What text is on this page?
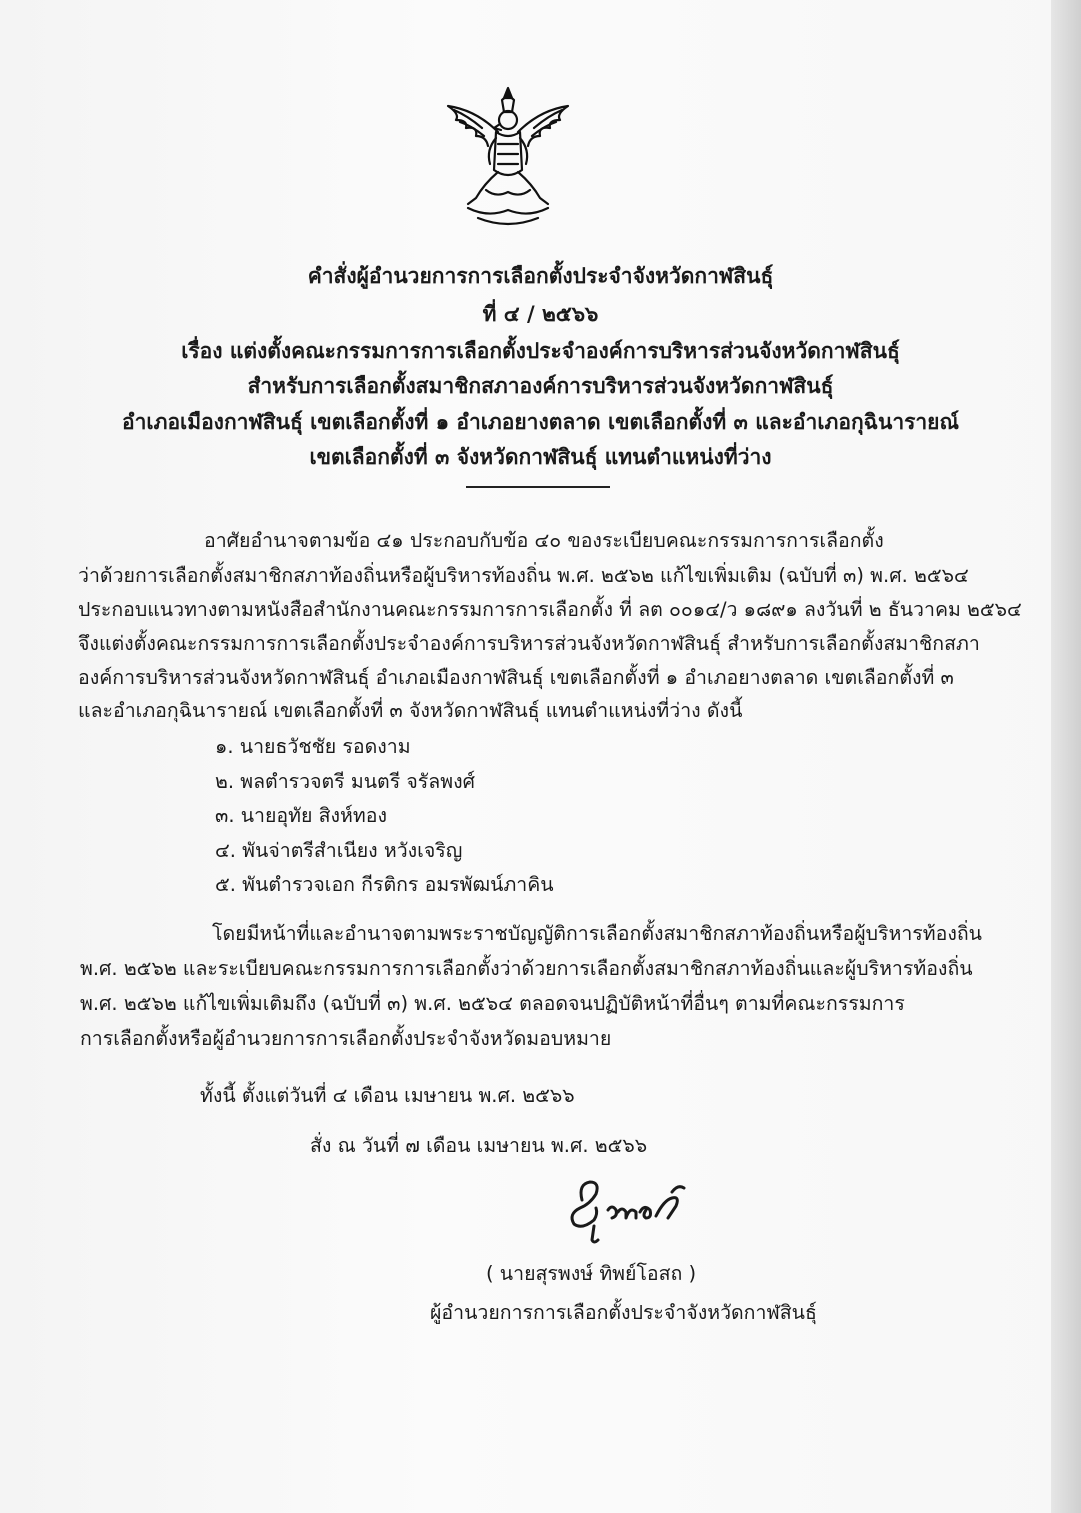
คำสั่งผู้อำนวยการการเลือกตั้งประจำจังหวัดกาฬสินธุ์
ที่ ๔ / ๒๕๖๖
เรื่อง แต่งตั้งคณะกรรมการการเลือกตั้งประจำองค์การบริหารส่วนจังหวัดกาฬสินธุ์
สำหรับการเลือกตั้งสมาชิกสภาองค์การบริหารส่วนจังหวัดกาฬสินธุ์
อำเภอเมืองกาฬสินธุ์ เขตเลือกตั้งที่ ๑ อำเภอยางตลาด เขตเลือกตั้งที่ ๓ และอำเภอกุฉินารายณ์
เขตเลือกตั้งที่ ๓ จังหวัดกาฬสินธุ์ แทนตำแหน่งที่ว่าง
อาศัยอำนาจตามข้อ ๔๑ ประกอบกับข้อ ๔๐ ของระเบียบคณะกรรมการการเลือกตั้ง
ว่าด้วยการเลือกตั้งสมาชิกสภาท้องถิ่นหรือผู้บริหารท้องถิ่น พ.ศ. ๒๕๖๒ แก้ไขเพิ่มเติม (ฉบับที่ ๓) พ.ศ. ๒๕๖๔
ประกอบแนวทางตามหนังสือสำนักงานคณะกรรมการการเลือกตั้ง ที่ ลต ๐๐๑๔/ว ๑๘๙๑ ลงวันที่ ๒ ธันวาคม ๒๕๖๔
จึงแต่งตั้งคณะกรรมการการเลือกตั้งประจำองค์การบริหารส่วนจังหวัดกาฬสินธุ์ สำหรับการเลือกตั้งสมาชิกสภา
องค์การบริหารส่วนจังหวัดกาฬสินธุ์ อำเภอเมืองกาฬสินธุ์ เขตเลือกตั้งที่ ๑ อำเภอยางตลาด เขตเลือกตั้งที่ ๓
และอำเภอกุฉินารายณ์ เขตเลือกตั้งที่ ๓ จังหวัดกาฬสินธุ์ แทนตำแหน่งที่ว่าง ดังนี้
๑. นายธวัชชัย รอดงาม
๒. พลตำรวจตรี มนตรี จรัลพงศ์
๓. นายอุทัย สิงห์ทอง
๔. พันจ่าตรีสำเนียง หวังเจริญ
๕. พันตำรวจเอก กีรติกร อมรพัฒน์ภาคิน
โดยมีหน้าที่และอำนาจตามพระราชบัญญัติการเลือกตั้งสมาชิกสภาท้องถิ่นหรือผู้บริหารท้องถิ่น
พ.ศ. ๒๕๖๒ และระเบียบคณะกรรมการการเลือกตั้งว่าด้วยการเลือกตั้งสมาชิกสภาท้องถิ่นและผู้บริหารท้องถิ่น
พ.ศ. ๒๕๖๒ แก้ไขเพิ่มเติมถึง (ฉบับที่ ๓) พ.ศ. ๒๕๖๔ ตลอดจนปฏิบัติหน้าที่อื่นๆ ตามที่คณะกรรมการ
การเลือกตั้งหรือผู้อำนวยการการเลือกตั้งประจำจังหวัดมอบหมาย
ทั้งนี้ ตั้งแต่วันที่ ๔ เดือน เมษายน พ.ศ. ๒๕๖๖
สั่ง ณ วันที่ ๗ เดือน เมษายน พ.ศ. ๒๕๖๖
( นายสุรพงษ์ ทิพย์โอสถ )
ผู้อำนวยการการเลือกตั้งประจำจังหวัดกาฬสินธุ์
